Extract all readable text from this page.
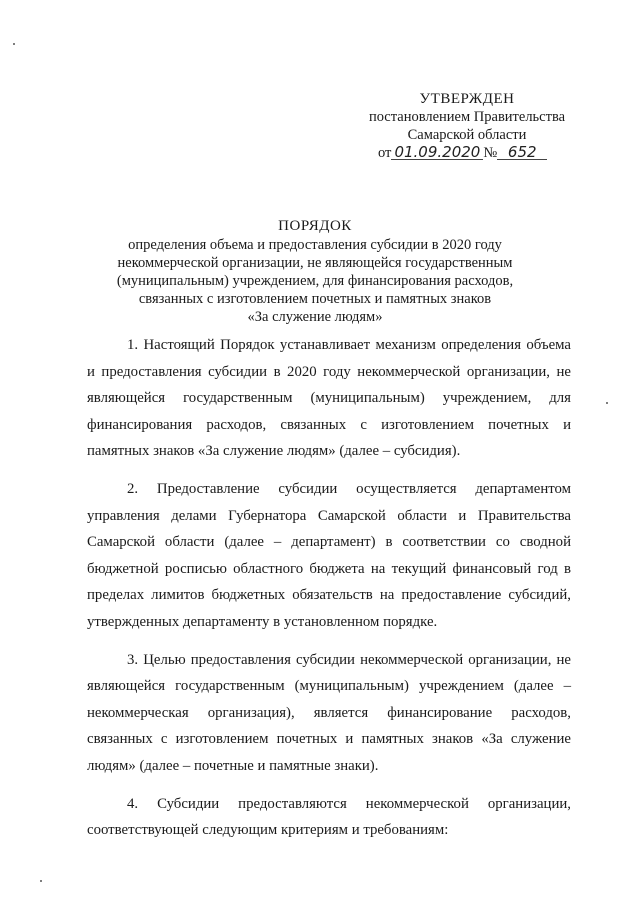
УТВЕРЖДЕН
постановлением Правительства
Самарской области
от 01.09.2020 № 652
ПОРЯДОК
определения объема и предоставления субсидии в 2020 году
некоммерческой организации, не являющейся государственным
(муниципальным) учреждением, для финансирования расходов,
связанных с изготовлением почетных и памятных знаков
«За служение людям»

1. Настоящий Порядок устанавливает механизм определения объема и предоставления субсидии в 2020 году некоммерческой организации, не являющейся государственным (муниципальным) учреждением, для финансирования расходов, связанных с изготовлением почетных и памятных знаков «За служение людям» (далее – субсидия).

2. Предоставление субсидии осуществляется департаментом управления делами Губернатора Самарской области и Правительства Самарской области (далее – департамент) в соответствии со сводной бюджетной росписью областного бюджета на текущий финансовый год в пределах лимитов бюджетных обязательств на предоставление субсидий, утвержденных департаменту в установленном порядке.

3. Целью предоставления субсидии некоммерческой организации, не являющейся государственным (муниципальным) учреждением (далее – некоммерческая организация), является финансирование расходов, связанных с изготовлением почетных и памятных знаков «За служение людям» (далее – почетные и памятные знаки).

4. Субсидии предоставляются некоммерческой организации, соответствующей следующим критериям и требованиям:
